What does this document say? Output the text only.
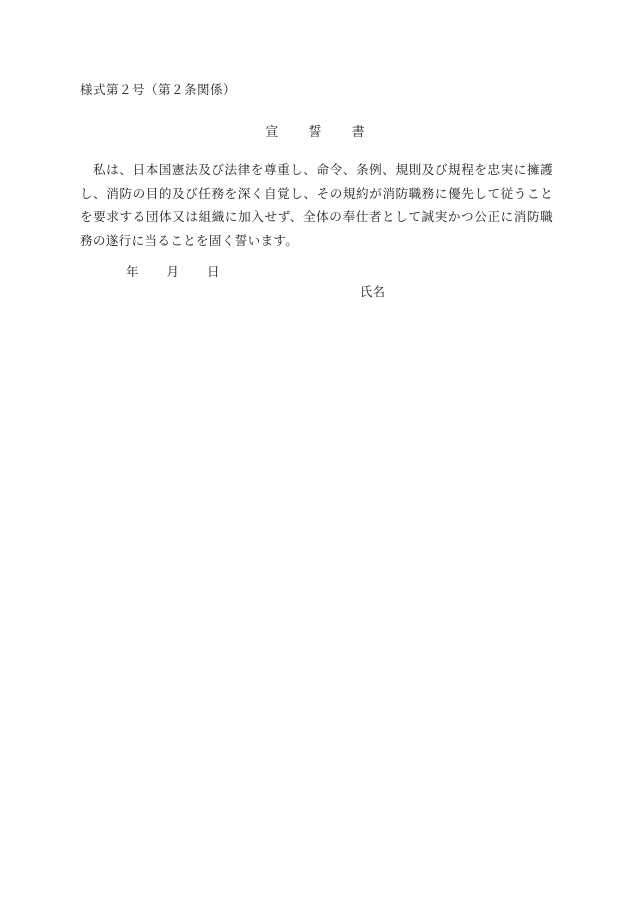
様式第２号（第２条関係）
宣 誓 書
私は、日本国憲法及び法律を尊重し、命令、条例、規則及び規程を忠実に擁護し、消防の目的及び任務を深く自覚し、その規約が消防職務に優先して従うことを要求する団体又は組織に加入せず、全体の奉仕者として誠実かつ公正に消防職務の遂行に当ることを固く誓います。
年 月 日
氏名
